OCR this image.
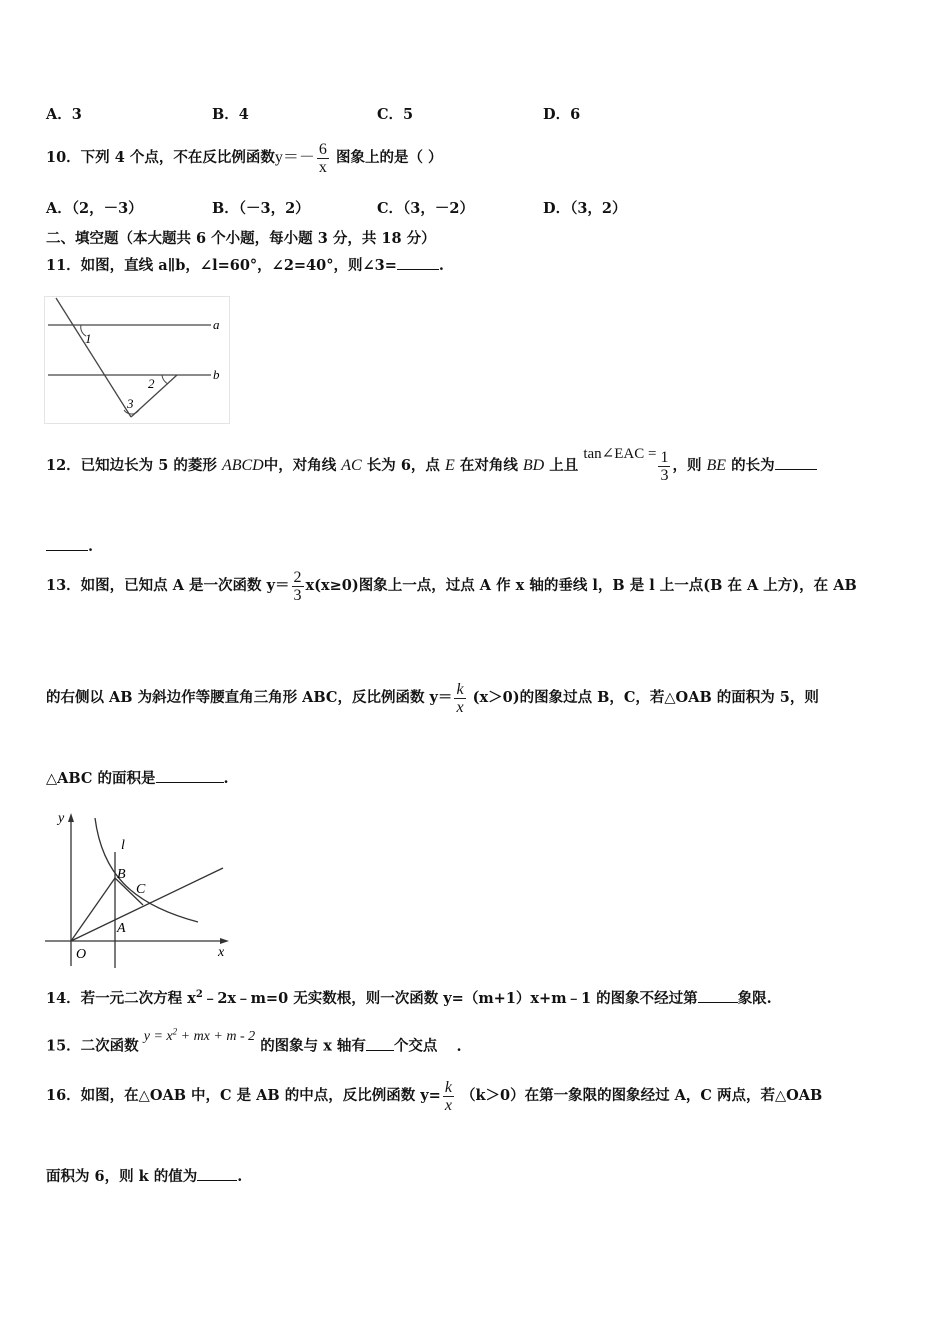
A．3	B．4	C．5	D．6
10．下列 4 个点，不在反比例函数$y=- \frac{6}{x}$ 图象上的是（ ）
A．（2，－3）	B．（－3，2）	C．（3，－2）	D．（3，2）
二、填空题（本大题共 6 个小题，每小题 3 分，共 18 分）
11．如图，直线 a∥b，∠l=60°，∠2=40°，则∠3=	.
a
b
1
2
3
12．已知边长为 5 的菱形 ABCD中，对角线 AC 长为 6，点 E 在对角线 BD 上且 tan∠EAC = $\frac{1}{3}$ ，则 BE 的长为
.
13．如图，已知点 A 是一次函数 $y= \frac{2}{3} x(x\ge 0)$图象上一点，过点 A 作 x 轴的垂线 l，B 是 l 上一点(B 在 A 上方)，在 AB
的右侧以 AB 为斜边作等腰直角三角形 ABC，反比例函数 $y= \frac{k}{x} (x>0)$的图象过点 B，C，若△OAB 的面积为 5，则
△ABC 的面积是	.
y
l
B
C
A
O	x
14．若一元二次方程 $x^2﹣2x﹣m=0$ 无实数根，则一次函数 y=（m+1）x+m﹣1 的图象不经过第	象限.
15．二次函数 $y = x^2$ + mx + m - 2 的图象与 x 轴有 个交点 .
16．如图，在△OAB 中，C 是 AB 的中点，反比例函数 $y= \frac{k}{x} (k>0)$在第一象限的图象经过 A，C 两点，若△OAB
面积为 6，则 k 的值为	.
